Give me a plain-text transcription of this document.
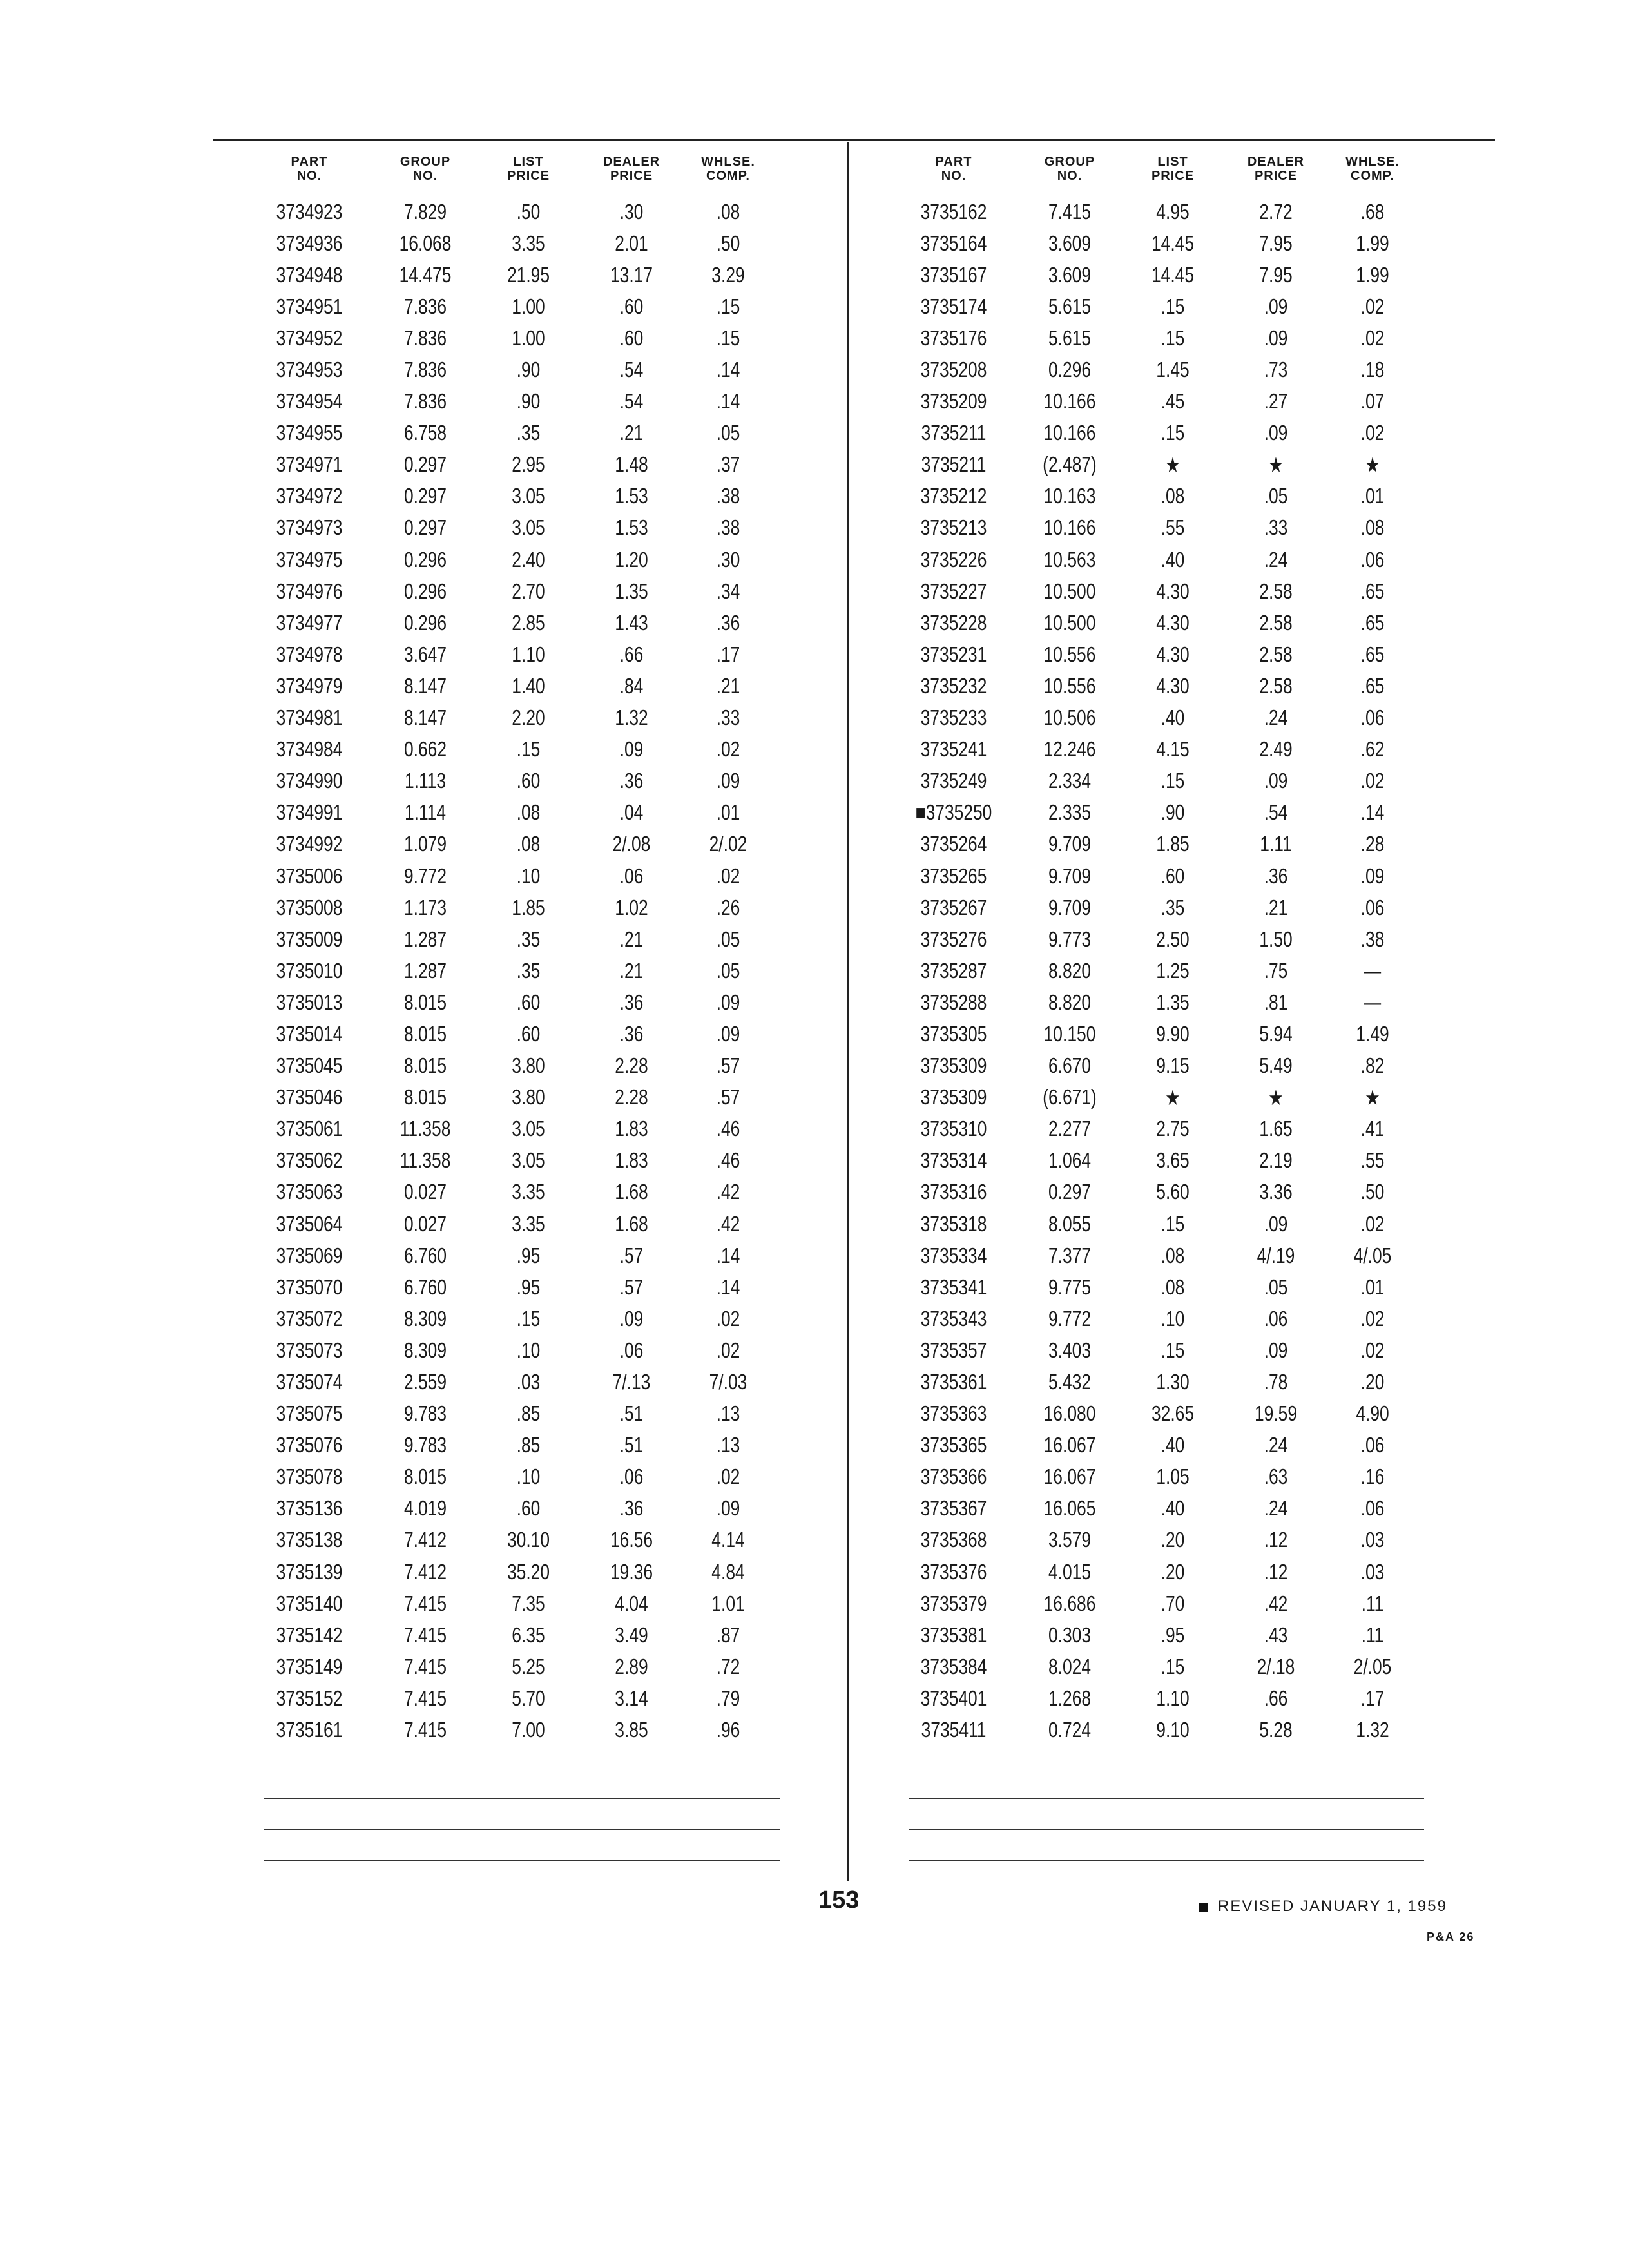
PART
NO.
GROUP
NO.
LIST
PRICE
DEALER
PRICE
WHLSE.
COMP.
3734923	7.829	.50	.30	.08
3734936	16.068	3.35	2.01	.50
3734948	14.475	21.95	13.17	3.29
3734951	7.836	1.00	.60	.15
3734952	7.836	1.00	.60	.15
3734953	7.836	.90	.54	.14
3734954	7.836	.90	.54	.14
3734955	6.758	.35	.21	.05
3734971	0.297	2.95	1.48	.37
3734972	0.297	3.05	1.53	.38
3734973	0.297	3.05	1.53	.38
3734975	0.296	2.40	1.20	.30
3734976	0.296	2.70	1.35	.34
3734977	0.296	2.85	1.43	.36
3734978	3.647	1.10	.66	.17
3734979	8.147	1.40	.84	.21
3734981	8.147	2.20	1.32	.33
3734984	0.662	.15	.09	.02
3734990	1.113	.60	.36	.09
3734991	1.114	.08	.04	.01
3734992	1.079	.08	2/.08	2/.02
3735006	9.772	.10	.06	.02
3735008	1.173	1.85	1.02	.26
3735009	1.287	.35	.21	.05
3735010	1.287	.35	.21	.05
3735013	8.015	.60	.36	.09
3735014	8.015	.60	.36	.09
3735045	8.015	3.80	2.28	.57
3735046	8.015	3.80	2.28	.57
3735061	11.358	3.05	1.83	.46
3735062	11.358	3.05	1.83	.46
3735063	0.027	3.35	1.68	.42
3735064	0.027	3.35	1.68	.42
3735069	6.760	.95	.57	.14
3735070	6.760	.95	.57	.14
3735072	8.309	.15	.09	.02
3735073	8.309	.10	.06	.02
3735074	2.559	.03	7/.13	7/.03
3735075	9.783	.85	.51	.13
3735076	9.783	.85	.51	.13
3735078	8.015	.10	.06	.02
3735136	4.019	.60	.36	.09
3735138	7.412	30.10	16.56	4.14
3735139	7.412	35.20	19.36	4.84
3735140	7.415	7.35	4.04	1.01
3735142	7.415	6.35	3.49	.87
3735149	7.415	5.25	2.89	.72
3735152	7.415	5.70	3.14	.79
3735161	7.415	7.00	3.85	.96
PART
NO.
GROUP
NO.
LIST
PRICE
DEALER
PRICE
WHLSE.
COMP.
3735162	7.415	4.95	2.72	.68
3735164	3.609	14.45	7.95	1.99
3735167	3.609	14.45	7.95	1.99
3735174	5.615	.15	.09	.02
3735176	5.615	.15	.09	.02
3735208	0.296	1.45	.73	.18
3735209	10.166	.45	.27	.07
3735211	10.166	.15	.09	.02
3735211	(2.487)	★	★	★
3735212	10.163	.08	.05	.01
3735213	10.166	.55	.33	.08
3735226	10.563	.40	.24	.06
3735227	10.500	4.30	2.58	.65
3735228	10.500	4.30	2.58	.65
3735231	10.556	4.30	2.58	.65
3735232	10.556	4.30	2.58	.65
3735233	10.506	.40	.24	.06
3735241	12.246	4.15	2.49	.62
3735249	2.334	.15	.09	.02
■3735250	2.335	.90	.54	.14
3735264	9.709	1.85	1.11	.28
3735265	9.709	.60	.36	.09
3735267	9.709	.35	.21	.06
3735276	9.773	2.50	1.50	.38
3735287	8.820	1.25	.75	—
3735288	8.820	1.35	.81	—
3735305	10.150	9.90	5.94	1.49
3735309	6.670	9.15	5.49	.82
3735309	(6.671)	★	★	★
3735310	2.277	2.75	1.65	.41
3735314	1.064	3.65	2.19	.55
3735316	0.297	5.60	3.36	.50
3735318	8.055	.15	.09	.02
3735334	7.377	.08	4/.19	4/.05
3735341	9.775	.08	.05	.01
3735343	9.772	.10	.06	.02
3735357	3.403	.15	.09	.02
3735361	5.432	1.30	.78	.20
3735363	16.080	32.65	19.59	4.90
3735365	16.067	.40	.24	.06
3735366	16.067	1.05	.63	.16
3735367	16.065	.40	.24	.06
3735368	3.579	.20	.12	.03
3735376	4.015	.20	.12	.03
3735379	16.686	.70	.42	.11
3735381	0.303	.95	.43	.11
3735384	8.024	.15	2/.18	2/.05
3735401	1.268	1.10	.66	.17
3735411	0.724	9.10	5.28	1.32
153	REVISED JANUARY 1, 1959
P&A 26
